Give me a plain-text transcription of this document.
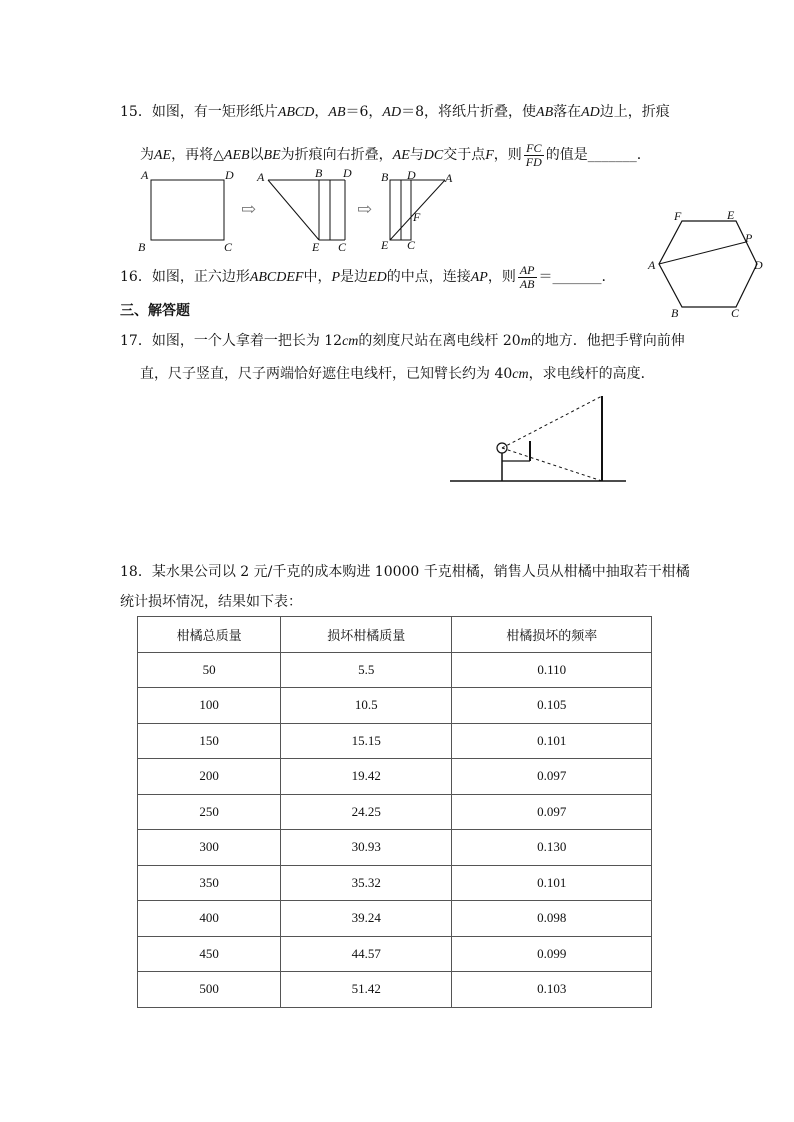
15．如图，有一矩形纸片ABCD，AB＝6，AD＝8，将纸片折叠，使AB落在AD边上，折痕
为AE，再将△AEB以BE为折痕向右折叠，AE与DC交于点F，则 $\frac{FC}{FD}$ 的值是_______.
A	D
B	C
⇨
A	B D
E C
⇨
B D A
F
E C
F	E
P
A	D
B	C
16．如图，正六边形ABCDEF中，P是边ED的中点，连接AP，则 $\frac{AP}{AB}$ ＝_______.
三、解答题
17．如图，一个人拿着一把长为 12cm的刻度尺站在离电线杆 20m的地方．他把手臂向前伸
直，尺子竖直，尺子两端恰好遮住电线杆，已知臂长约为 40cm，求电线杆的高度．
18．某水果公司以 2 元/千克的成本购进 10000 千克柑橘，销售人员从柑橘中抽取若干柑橘
统计损坏情况，结果如下表：
柑橘总质量	损坏柑橘质量	柑橘损坏的频率
50	5.5	0.110
100	10.5	0.105
150	15.15	0.101
200	19.42	0.097
250	24.25	0.097
300	30.93	0.130
350	35.32	0.101
400	39.24	0.098
450	44.57	0.099
500	51.42	0.103
